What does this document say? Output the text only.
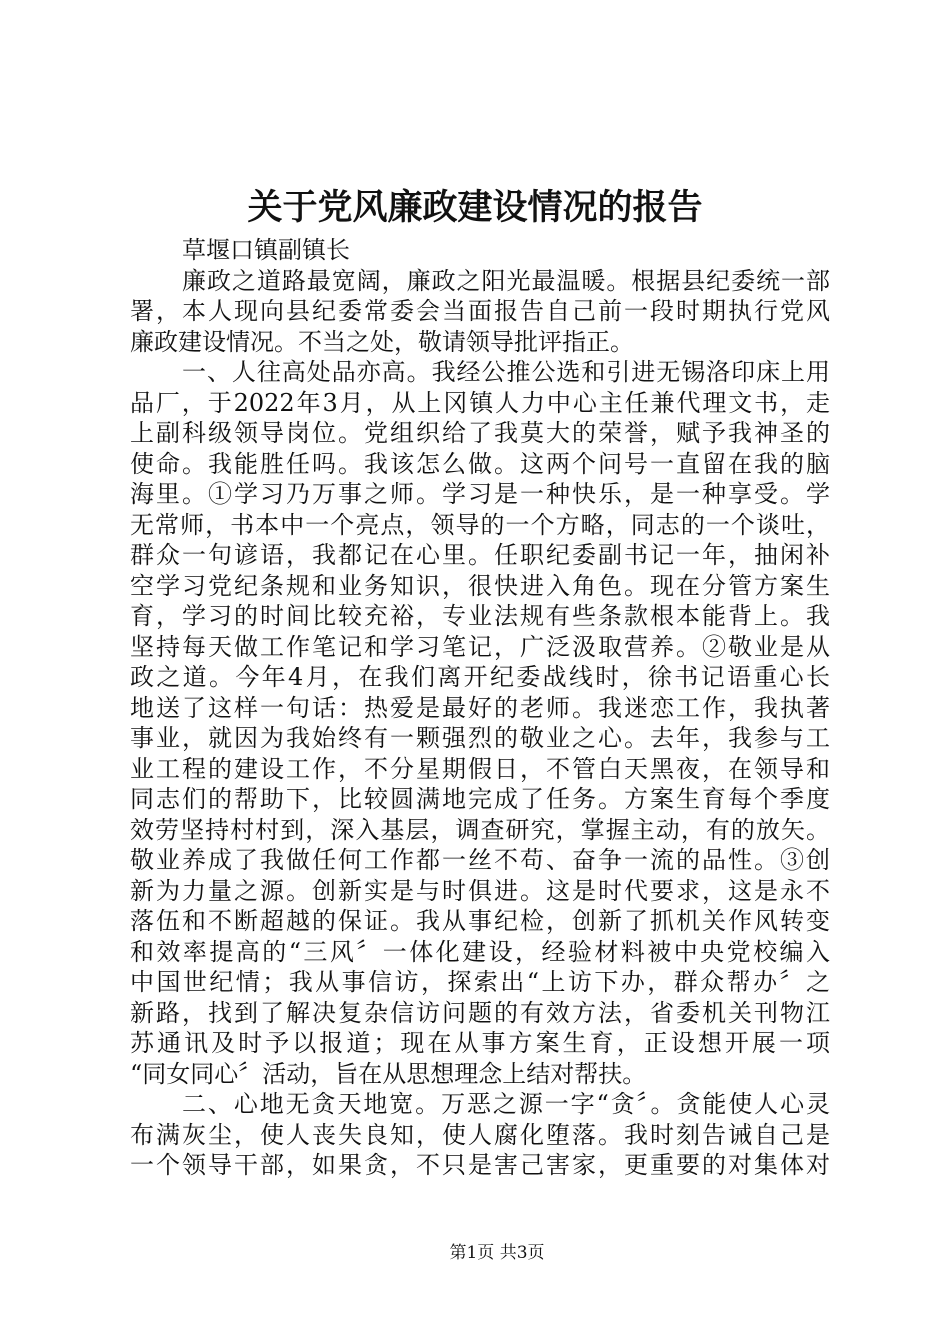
关于党风廉政建设情况的报告
草堰口镇副镇长
廉政之道路最宽阔，廉政之阳光最温暖。根据县纪委统一部
署，本人现向县纪委常委会当面报告自己前一段时期执行党风
廉政建设情况。不当之处，敬请领导批评指正。
一、人往高处品亦高。我经公推公选和引进无锡洛印床上用
品厂，于2022年3月，从上冈镇人力中心主任兼代理文书，走
上副科级领导岗位。党组织给了我莫大的荣誉，赋予我神圣的
使命。我能胜任吗。我该怎么做。这两个问号一直留在我的脑
海里。①学习乃万事之师。学习是一种快乐，是一种享受。学
无常师，书本中一个亮点，领导的一个方略，同志的一个谈吐，
群众一句谚语，我都记在心里。任职纪委副书记一年，抽闲补
空学习党纪条规和业务知识，很快进入角色。现在分管方案生
育，学习的时间比较充裕，专业法规有些条款根本能背上。我
坚持每天做工作笔记和学习笔记，广泛汲取营养。②敬业是从
政之道。今年4月，在我们离开纪委战线时，徐书记语重心长
地送了这样一句话：热爱是最好的老师。我迷恋工作，我执著
事业，就因为我始终有一颗强烈的敬业之心。去年，我参与工
业工程的建设工作，不分星期假日，不管白天黑夜，在领导和
同志们的帮助下，比较圆满地完成了任务。方案生育每个季度
效劳坚持村村到，深入基层，调查研究，掌握主动，有的放矢。
敬业养成了我做任何工作都一丝不苟、奋争一流的品性。③创
新为力量之源。创新实是与时俱进。这是时代要求，这是永不
落伍和不断超越的保证。我从事纪检，创新了抓机关作风转变
和效率提高的“三风〞一体化建设，经验材料被中央党校编入
中国世纪情；我从事信访，探索出“上访下办，群众帮办〞之
新路，找到了解决复杂信访问题的有效方法，省委机关刊物江
苏通讯及时予以报道；现在从事方案生育，正设想开展一项
“同女同心〞活动，旨在从思想理念上结对帮扶。
二、心地无贪天地宽。万恶之源一字“贪〞。贪能使人心灵
布满灰尘，使人丧失良知，使人腐化堕落。我时刻告诫自己是
一个领导干部，如果贪，不只是害己害家，更重要的对集体对
第1页 共3页
